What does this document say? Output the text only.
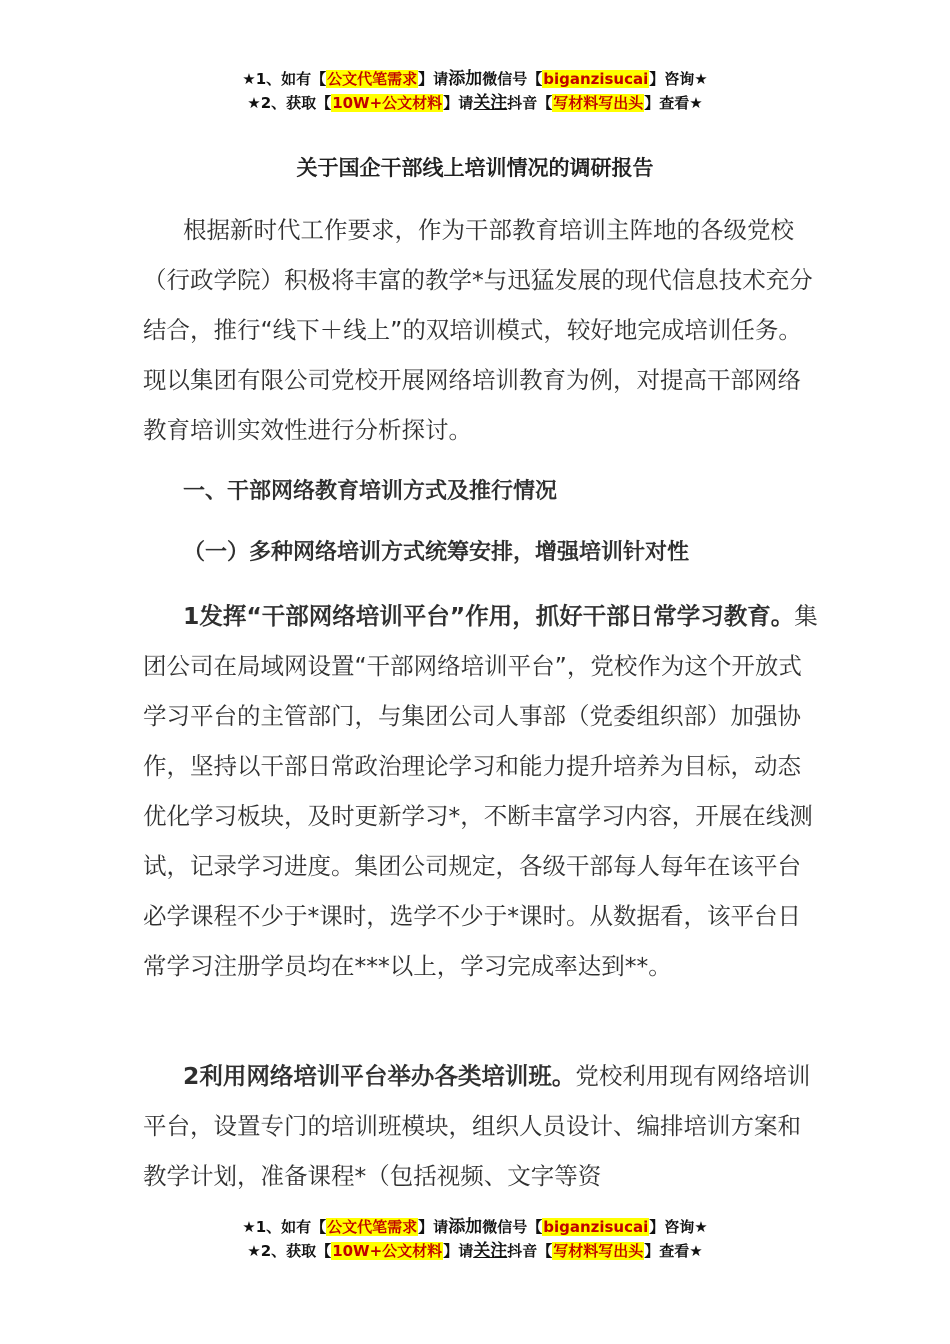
★1、如有【公文代笔需求】请添加微信号【biganzisucai】咨询★
★2、获取【10W+公文材料】请关注抖音【写材料写出头】查看★
关于国企干部线上培训情况的调研报告

根据新时代工作要求，作为干部教育培训主阵地的各级党校（行政学院）积极将丰富的教学*与迅猛发展的现代信息技术充分结合，推行“线下＋线上”的双培训模式，较好地完成培训任务。现以集团有限公司党校开展网络培训教育为例，对提高干部网络教育培训实效性进行分析探讨。

一、干部网络教育培训方式及推行情况
（一）多种网络培训方式统筹安排，增强培训针对性

1发挥“干部网络培训平台”作用，抓好干部日常学习教育。集团公司在局域网设置“干部网络培训平台”，党校作为这个开放式学习平台的主管部门，与集团公司人事部（党委组织部）加强协作，坚持以干部日常政治理论学习和能力提升培养为目标，动态优化学习板块，及时更新学习*，不断丰富学习内容，开展在线测试，记录学习进度。集团公司规定，各级干部每人每年在该平台必学课程不少于*课时，选学不少于*课时。从数据看，该平台日常学习注册学员均在***以上，学习完成率达到**。

2利用网络培训平台举办各类培训班。党校利用现有网络培训平台，设置专门的培训班模块，组织人员设计、编排培训方案和教学计划，准备课程*（包括视频、文字等资

★1、如有【公文代笔需求】请添加微信号【biganzisucai】咨询★
★2、获取【10W+公文材料】请关注抖音【写材料写出头】查看★
